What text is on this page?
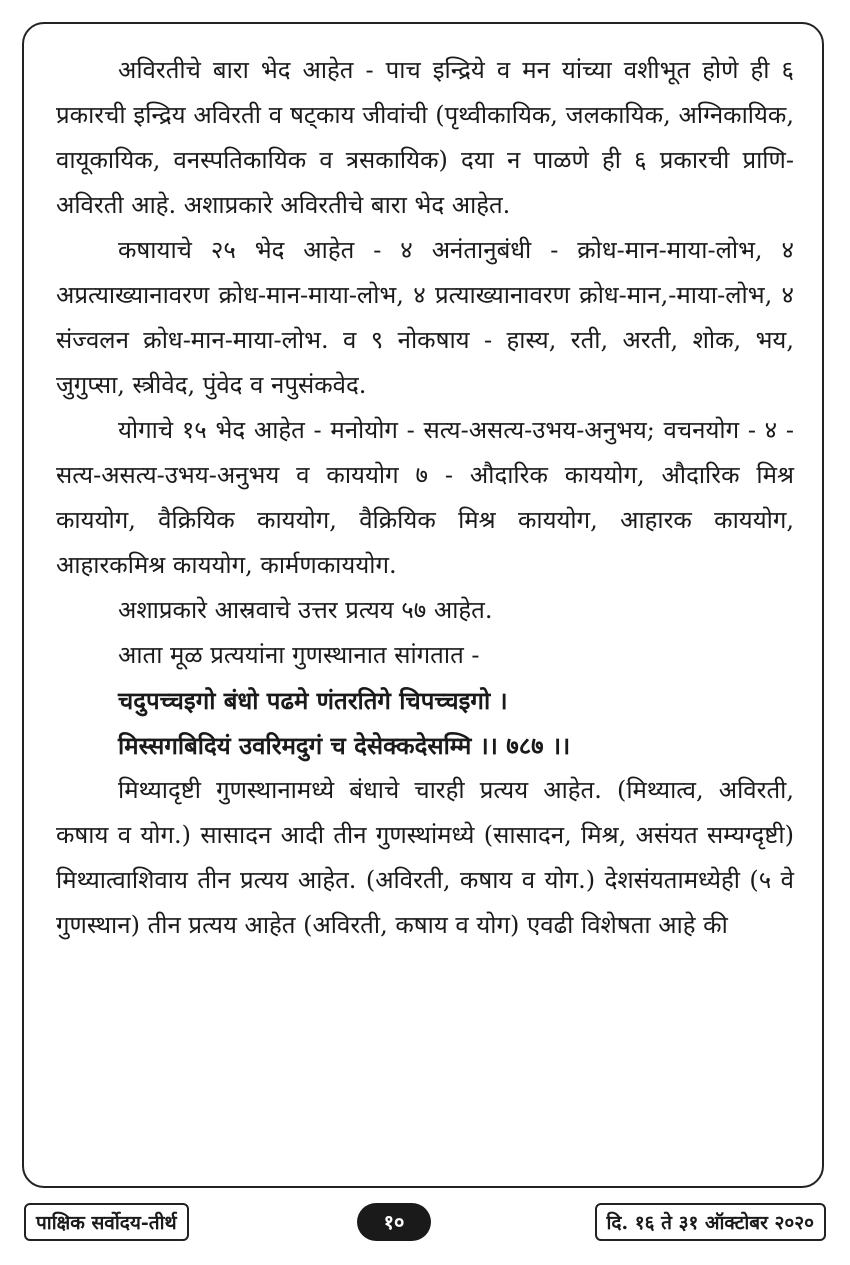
अविरतीचे बारा भेद आहेत - पाच इन्द्रिये व मन यांच्या वशीभूत होणे ही ६ प्रकारची इन्द्रिय अविरती व षट्काय जीवांची (पृथ्वीकायिक, जलकायिक, अग्निकायिक, वायूकायिक, वनस्पतिकायिक व त्रसकायिक) दया न पाळणे ही ६ प्रकारची प्राणि-अविरती आहे. अशाप्रकारे अविरतीचे बारा भेद आहेत.

कषायाचे २५ भेद आहेत - ४ अनंतानुबंधी - क्रोध-मान-माया-लोभ, ४ अप्रत्याख्यानावरण क्रोध-मान-माया-लोभ, ४ प्रत्याख्यानावरण क्रोध-मान,-माया-लोभ, ४ संज्वलन क्रोध-मान-माया-लोभ. व ९ नोकषाय - हास्य, रती, अरती, शोक, भय, जुगुप्सा, स्त्रीवेद, पुंवेद व नपुसंकवेद.

योगाचे १५ भेद आहेत - मनोयोग - सत्य-असत्य-उभय-अनुभय; वचनयोग - ४ - सत्य-असत्य-उभय-अनुभय व काययोग ७ - औदारिक काययोग, औदारिक मिश्र काययोग, वैक्रियिक काययोग, वैक्रियिक मिश्र काययोग, आहारक काययोग, आहारकमिश्र काययोग, कार्मणकाययोग.

अशाप्रकारे आस्रवाचे उत्तर प्रत्यय ५७ आहेत.

आता मूळ प्रत्ययांना गुणस्थानात सांगतात -

चदुपच्चइगो बंधो पढमे णंतरतिगे चिपच्चइगो ।

मिस्सगबिदियं उवरिमदुगं च देसेक्कदेसम्मि ।। ७८७ ।।

मिथ्यादृष्टी गुणस्थानामध्ये बंधाचे चारही प्रत्यय आहेत. (मिथ्यात्व, अविरती, कषाय व योग.) सासादन आदी तीन गुणस्थांमध्ये (सासादन, मिश्र, असंयत सम्यग्दृष्टी) मिथ्यात्वाशिवाय तीन प्रत्यय आहेत. (अविरती, कषाय व योग.) देशसंयतामध्येही (५ वे गुणस्थान) तीन प्रत्यय आहेत (अविरती, कषाय व योग) एवढी विशेषता आहे की

पाक्षिक सर्वोदय-तीर्थ	१०	दि. १६ ते ३१ ऑक्टोबर २०२०
